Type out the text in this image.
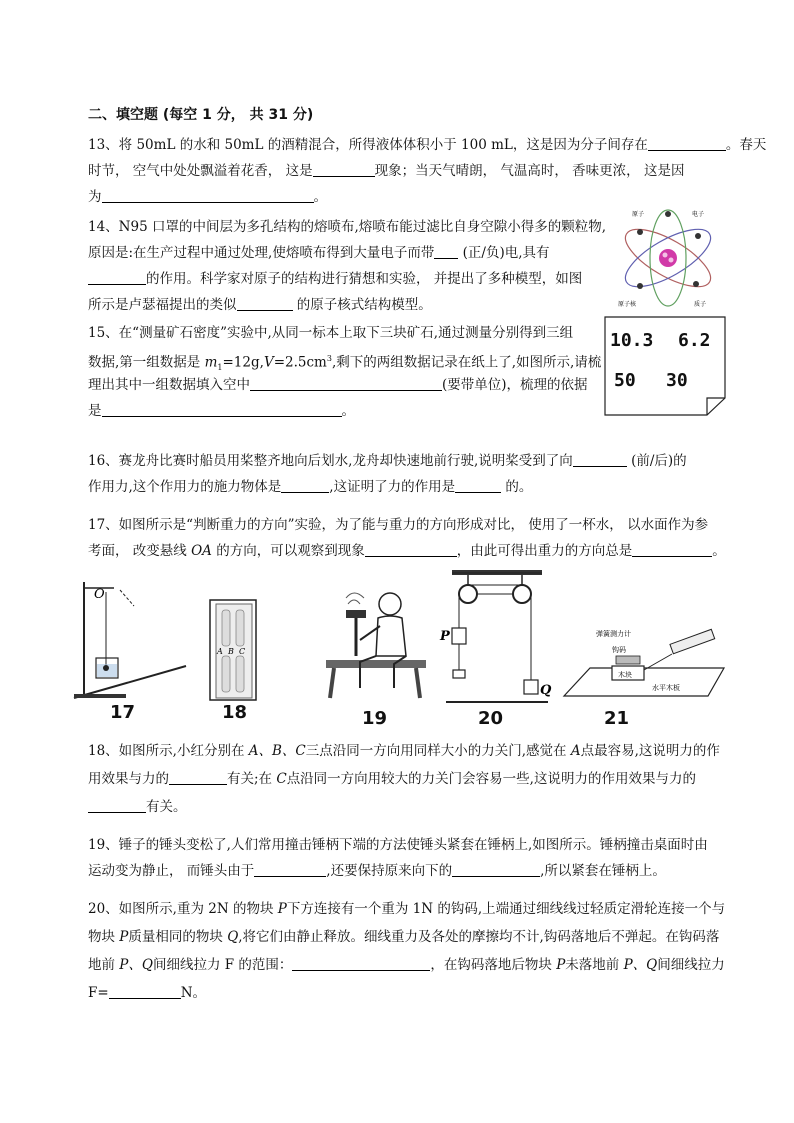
二、填空题 (每空 1 分， 共 31 分)
13、将 50mL 的水和 50mL 的酒精混合，所得液体体积小于 100 mL，这是因为分子间存在	。春天
时节， 空气中处处飘溢着花香， 这是	现象；当天气晴朗， 气温高时， 香味更浓， 这是因
为	。
14、N95 口罩的中间层为多孔结构的熔喷布,熔喷布能过滤比自身空隙小得多的颗粒物,
原因是:在生产过程中通过处理,使熔喷布得到大量电子而带 (正/负)电,具有
的作用。科学家对原子的结构进行猜想和实验， 并提出了多种模型，如图
所示是卢瑟福提出的类似	的原子核式结构模型。
原子	电子
原子核	质子
15、在“测量矿石密度”实验中,从同一标本上取下三块矿石,通过测量分别得到三组
数据,第一组数据是 $m_1=12g,V=2.5cm^3$,剩下的两组数据记录在纸上了,如图所示,请梳
理出其中一组数据填入空中	(要带单位)，梳理的依据
是	。
10.3 6.2
50 30
16、赛龙舟比赛时船员用桨整齐地向后划水,龙舟却快速地前行驶,说明桨受到了向	(前/后)的
作用力,这个作用力的施力物体是	,这证明了力的作用是	的。
17、如图所示是“判断重力的方向”实验，为了能与重力的方向形成对比， 使用了一杯水， 以水面作为参
考面， 改变悬线 OA 的方向，可以观察到现象	，由此可得出重力的方向总是	。
O
17
A B C
18	19
P
Q
20
弹簧测力计
钩码
木块
水平木板
21
18、如图所示,小红分别在 A、B、C三点沿同一方向用同样大小的力关门,感觉在 A点最容易,这说明力的作
用效果与力的	有关;在 C点沿同一方向用较大的力关门会容易一些,这说明力的作用效果与力的
有关。
19、锤子的锤头变松了,人们常用撞击锤柄下端的方法使锤头紧套在锤柄上,如图所示。锤柄撞击桌面时由
运动变为静止， 而锤头由于	,还要保持原来向下的	,所以紧套在锤柄上。
20、如图所示,重为 2N 的物块 P下方连接有一个重为 1N 的钩码,上端通过细线线过轻质定滑轮连接一个与
物块 P质量相同的物块 Q,将它们由静止释放。细线重力及各处的摩擦均不计,钩码落地后不弹起。在钩码落
地前 P、Q间细线拉力 F 的范围：	，在钩码落地后物块 P未落地前 P、Q间细线拉力
F=	N。
